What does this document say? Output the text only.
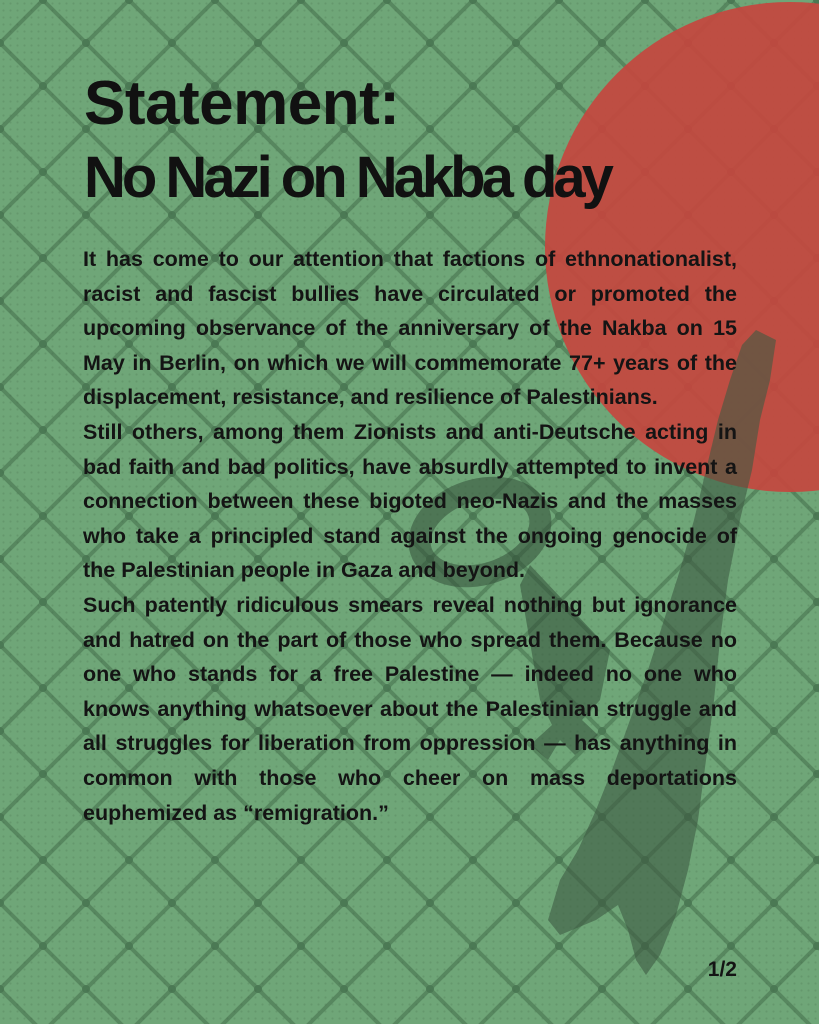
Statement:
No Nazi on Nakba day

It has come to our attention that factions of ethnonationalist, racist and fascist bullies have circulated or promoted the upcoming observance of the anniversary of the Nakba on 15 May in Berlin, on which we will commemorate 77+ years of the displacement, resistance, and resilience of Palestinians.

Still others, among them Zionists and anti-Deutsche acting in bad faith and bad politics, have absurdly attempted to invent a connection between these bigoted neo-Nazis and the masses who take a principled stand against the ongoing genocide of the Palestinian people in Gaza and beyond.

Such patently ridiculous smears reveal nothing but ignorance and hatred on the part of those who spread them. Because no one who stands for a free Palestine — indeed no one who knows anything whatsoever about the Palestinian struggle and all struggles for liberation from oppression — has anything in common with those who cheer on mass deportations euphemized as “remigration.”

1/2
